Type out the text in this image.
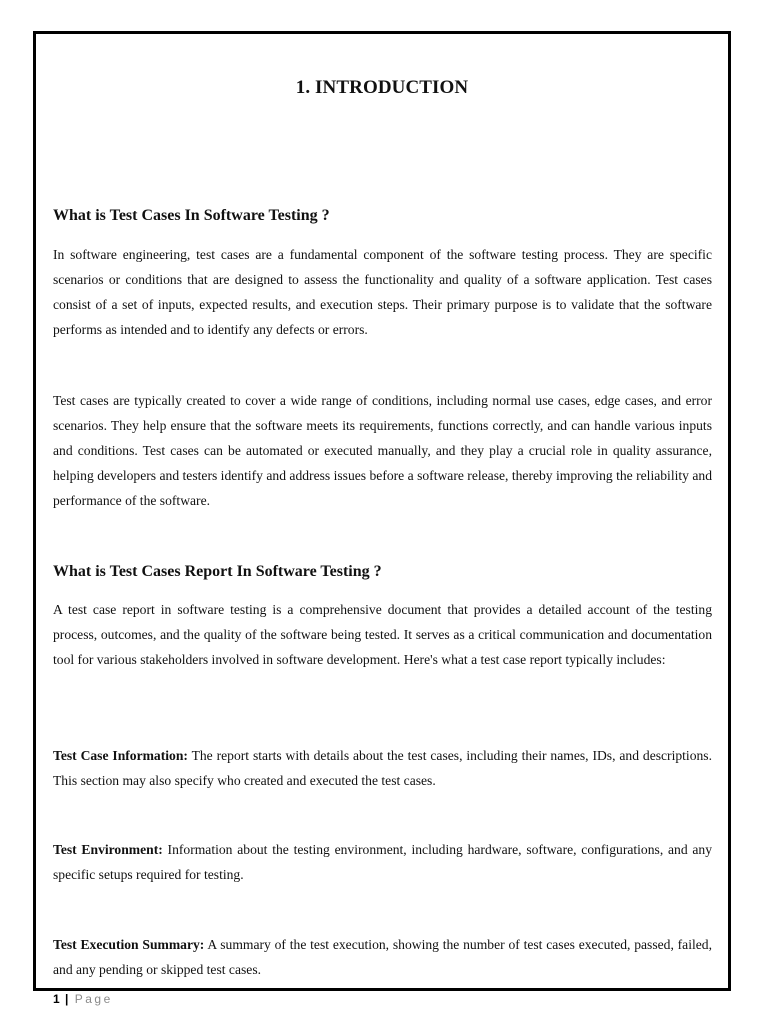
1. INTRODUCTION
What is Test Cases In Software Testing ?

In software engineering, test cases are a fundamental component of the software testing process. They are specific scenarios or conditions that are designed to assess the functionality and quality of a software application. Test cases consist of a set of inputs, expected results, and execution steps. Their primary purpose is to validate that the software performs as intended and to identify any defects or errors.

Test cases are typically created to cover a wide range of conditions, including normal use cases, edge cases, and error scenarios. They help ensure that the software meets its requirements, functions correctly, and can handle various inputs and conditions. Test cases can be automated or executed manually, and they play a crucial role in quality assurance, helping developers and testers identify and address issues before a software release, thereby improving the reliability and performance of the software.

What is Test Cases Report In Software Testing ?

A test case report in software testing is a comprehensive document that provides a detailed account of the testing process, outcomes, and the quality of the software being tested. It serves as a critical communication and documentation tool for various stakeholders involved in software development. Here's what a test case report typically includes:

Test Case Information: The report starts with details about the test cases, including their names, IDs, and descriptions. This section may also specify who created and executed the test cases.

Test Environment: Information about the testing environment, including hardware, software, configurations, and any specific setups required for testing.

Test Execution Summary: A summary of the test execution, showing the number of test cases executed, passed, failed, and any pending or skipped test cases.

1 | Page
